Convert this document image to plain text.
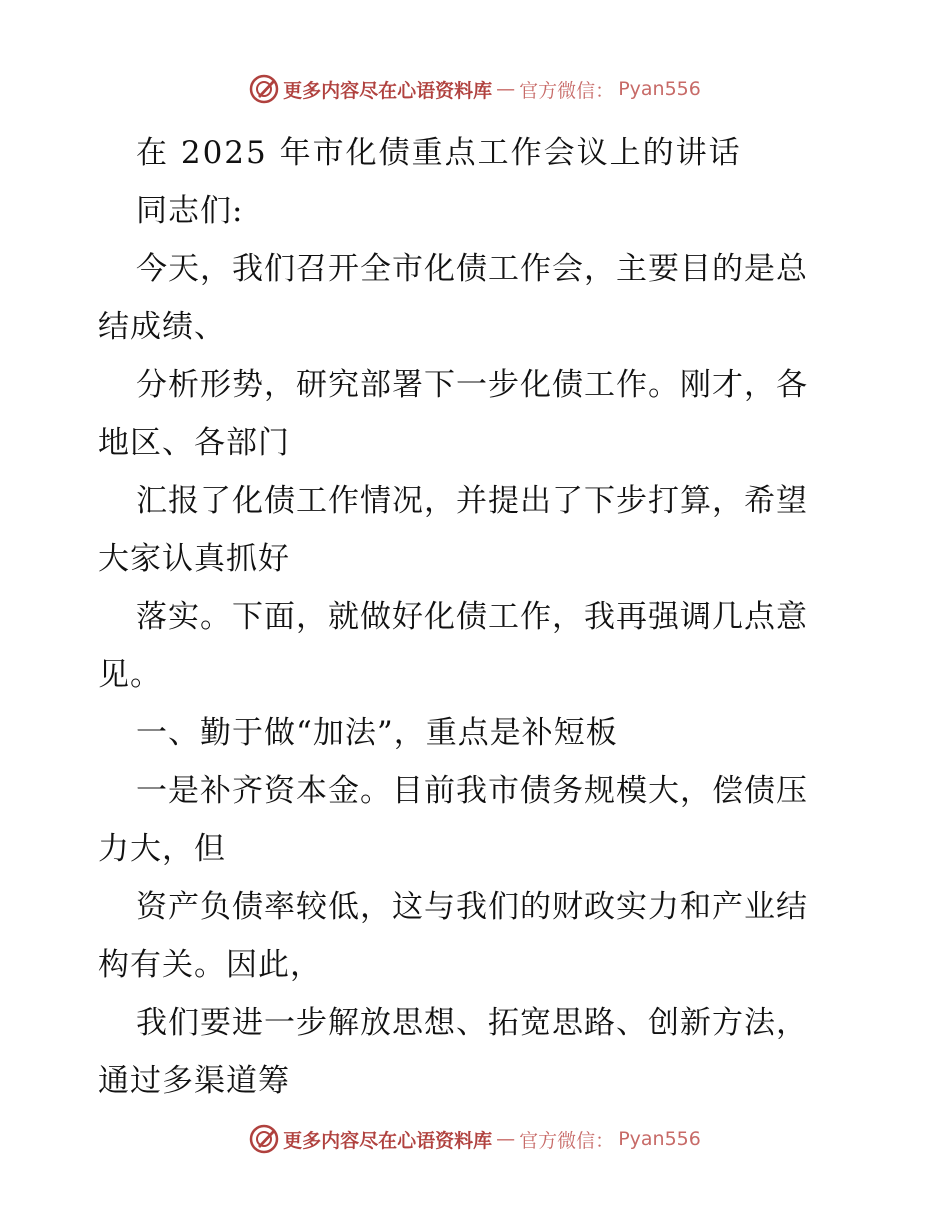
更多内容尽在心语资料库 — 官方微信： Pyan556
在 2025 年市化债重点工作会议上的讲话
同志们:
今天，我们召开全市化债工作会，主要目的是总
结成绩、
分析形势，研究部署下一步化债工作。刚才，各
地区、各部门
汇报了化债工作情况，并提出了下步打算，希望
大家认真抓好
落实。下面，就做好化债工作，我再强调几点意
见。
一、勤于做“加法”，重点是补短板
一是补齐资本金。目前我市债务规模大，偿债压
力大，但
资产负债率较低，这与我们的财政实力和产业结
构有关。因此，
我们要进一步解放思想、拓宽思路、创新方法，
通过多渠道筹
更多内容尽在心语资料库 — 官方微信： Pyan556
